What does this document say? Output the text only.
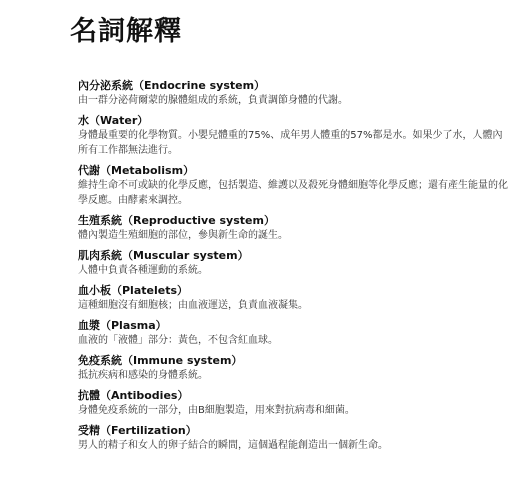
名詞解釋
內分泌系統（Endocrine system）
由一群分泌荷爾蒙的腺體組成的系統，負責調節身體的代謝。
水（Water）
身體最重要的化學物質。小嬰兒體重的75%、成年男人體重的57%都是水。如果少了水，人體內所有工作都無法進行。
代謝（Metabolism）
維持生命不可或缺的化學反應，包括製造、維護以及殺死身體細胞等化學反應；還有產生能量的化學反應。由酵素來調控。
生殖系統（Reproductive system）
體內製造生殖細胞的部位，參與新生命的誕生。
肌肉系統（Muscular system）
人體中負責各種運動的系統。
血小板（Platelets）
這種細胞沒有細胞核；由血液運送，負責血液凝集。
血漿（Plasma）
血液的「液體」部分：黃色，不包含紅血球。
免疫系統（Immune system）
抵抗疾病和感染的身體系統。
抗體（Antibodies）
身體免疫系統的一部分，由B細胞製造，用來對抗病毒和細菌。
受精（Fertilization）
男人的精子和女人的卵子結合的瞬間，這個過程能創造出一個新生命。
